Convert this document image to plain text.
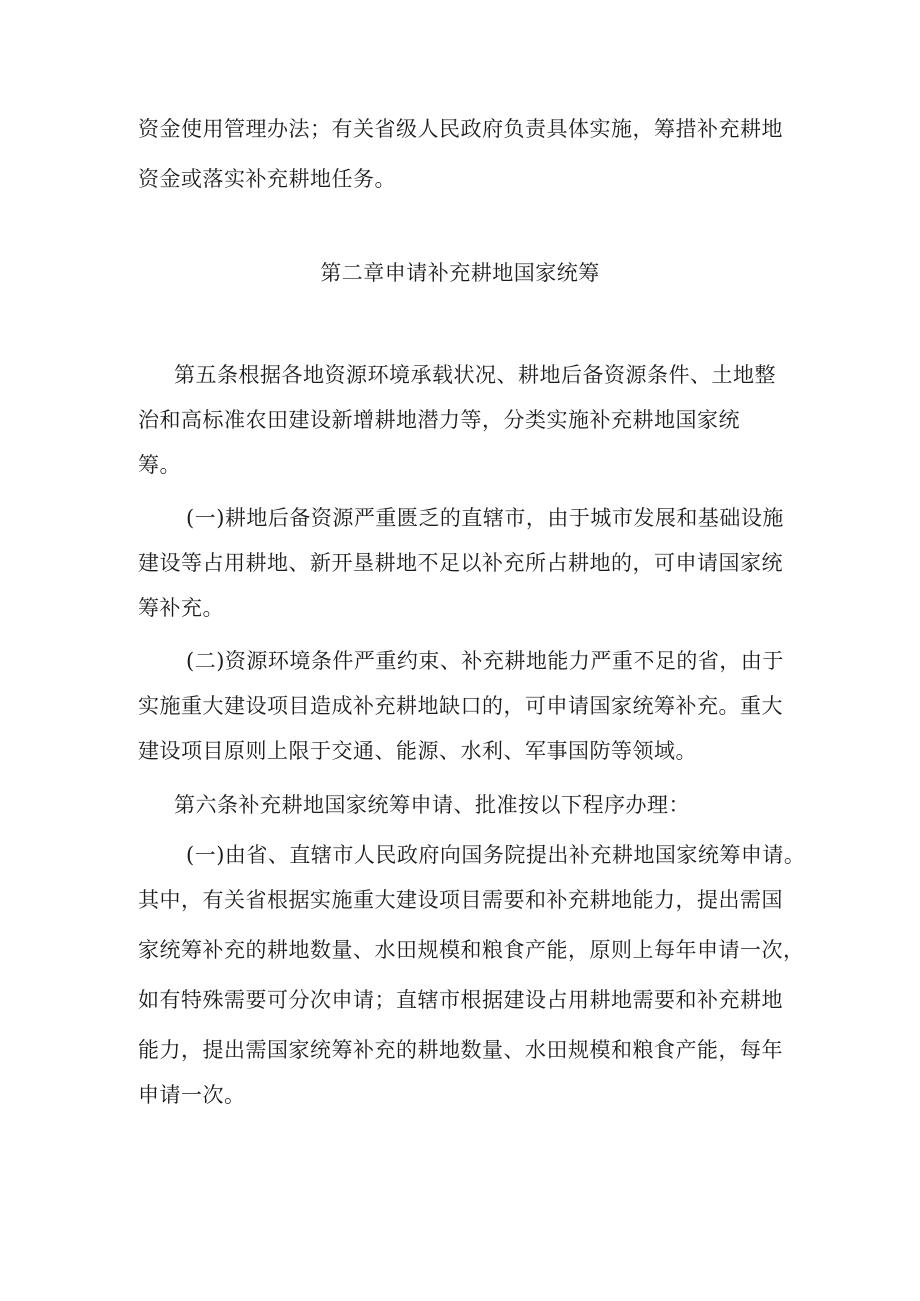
资金使用管理办法；有关省级人民政府负责具体实施，筹措补充耕地
资金或落实补充耕地任务。
第二章申请补充耕地国家统筹
第五条根据各地资源环境承载状况、耕地后备资源条件、土地整
治和高标准农田建设新增耕地潜力等，分类实施补充耕地国家统
筹。
(一)耕地后备资源严重匮乏的直辖市，由于城市发展和基础设施
建设等占用耕地、新开垦耕地不足以补充所占耕地的，可申请国家统
筹补充。
(二)资源环境条件严重约束、补充耕地能力严重不足的省，由于
实施重大建设项目造成补充耕地缺口的，可申请国家统筹补充。重大
建设项目原则上限于交通、能源、水利、军事国防等领域。
第六条补充耕地国家统筹申请、批准按以下程序办理：
(一)由省、直辖市人民政府向国务院提出补充耕地国家统筹申请。
其中，有关省根据实施重大建设项目需要和补充耕地能力，提出需国
家统筹补充的耕地数量、水田规模和粮食产能，原则上每年申请一次，
如有特殊需要可分次申请；直辖市根据建设占用耕地需要和补充耕地
能力，提出需国家统筹补充的耕地数量、水田规模和粮食产能，每年
申请一次。
